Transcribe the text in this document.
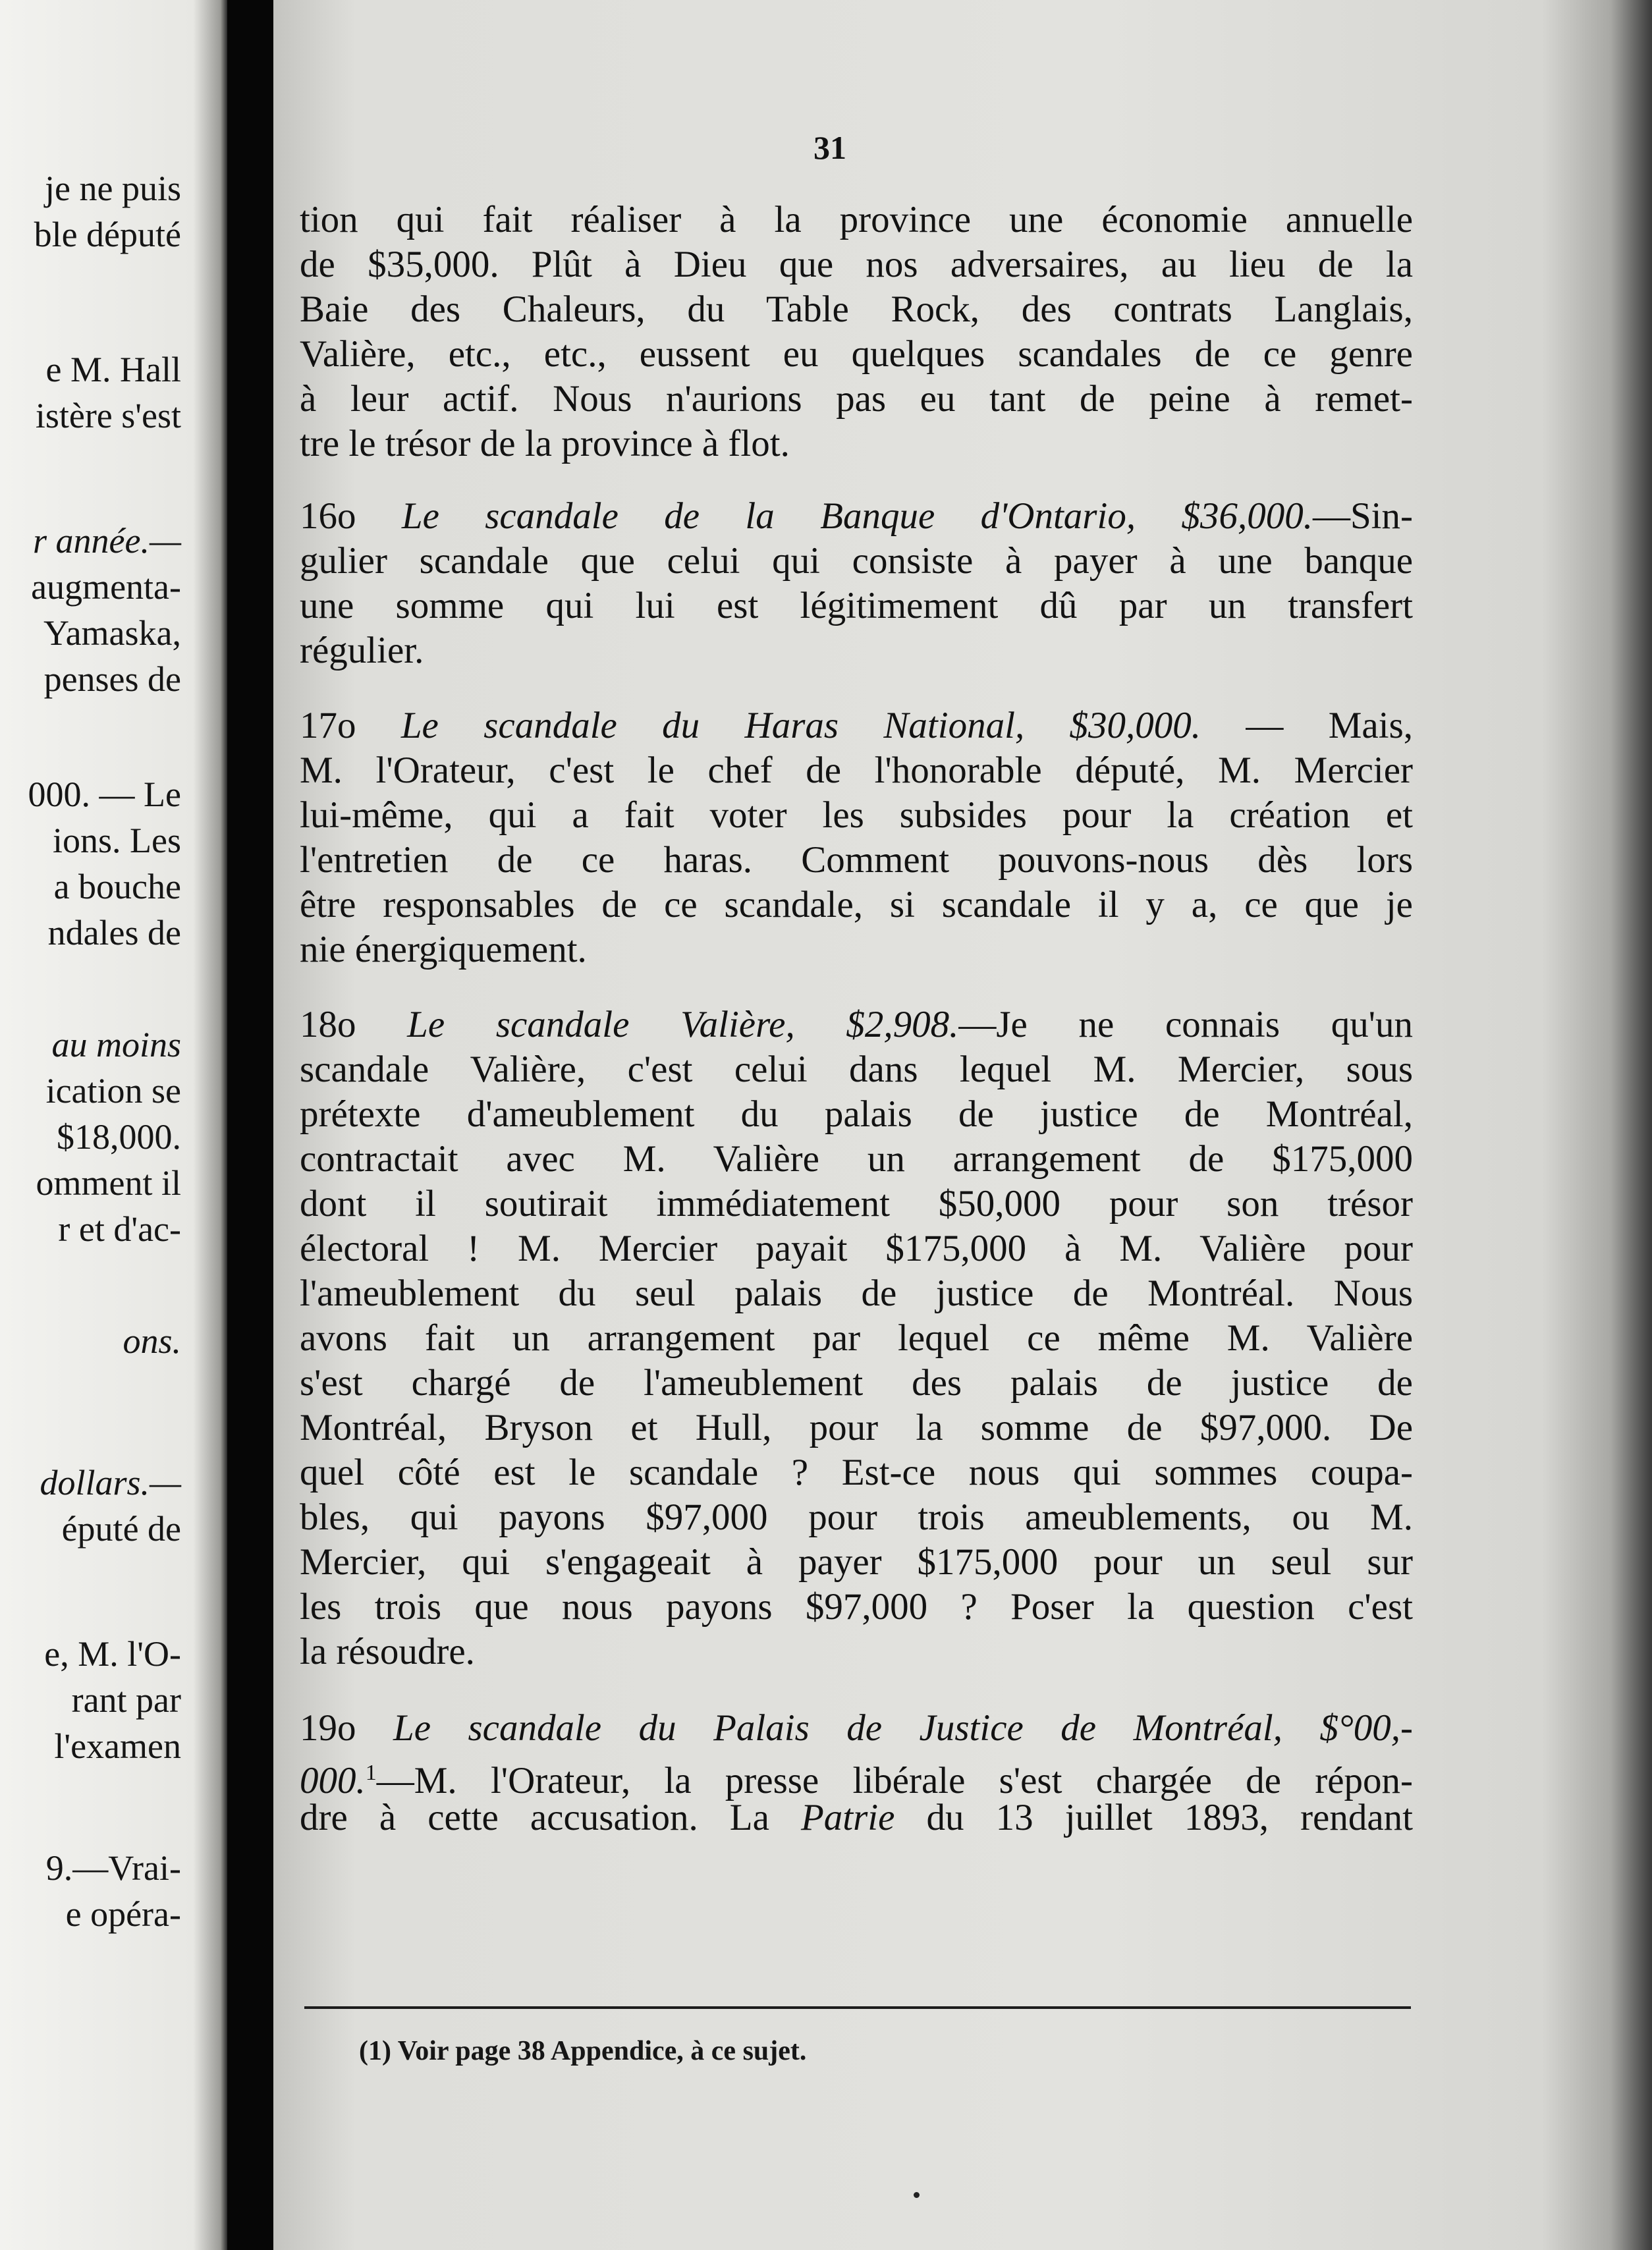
je ne puis
ble député
e M. Hall
istère s'est
r année.—
augmenta-
Yamaska,
penses de
000. — Le
ions. Les
a bouche
ndales de
au moins
ication se
$18,000.
omment il
r et d'ac-
ons.
dollars.—
éputé de
e, M. l'O-
rant par
l'examen
9.—Vrai-
e opéra-
31
tion qui fait réaliser à la province une économie annuelle
de $35,000. Plût à Dieu que nos adversaires, au lieu de la
Baie des Chaleurs, du Table Rock, des contrats Langlais,
Valière, etc., etc., eussent eu quelques scandales de ce genre
à leur actif. Nous n'aurions pas eu tant de peine à remet-
tre le trésor de la province à flot.
16o Le scandale de la Banque d'Ontario, $36,000.—Sin-
gulier scandale que celui qui consiste à payer à une banque
une somme qui lui est légitimement dû par un transfert
régulier.
17o Le scandale du Haras National, $30,000. — Mais,
M. l'Orateur, c'est le chef de l'honorable député, M. Mercier
lui-même, qui a fait voter les subsides pour la création et
l'entretien de ce haras. Comment pouvons-nous dès lors
être responsables de ce scandale, si scandale il y a, ce que je
nie énergiquement.
18o Le scandale Valière, $2,908.—Je ne connais qu'un
scandale Valière, c'est celui dans lequel M. Mercier, sous
prétexte d'ameublement du palais de justice de Montréal,
contractait avec M. Valière un arrangement de $175,000
dont il soutirait immédiatement $50,000 pour son trésor
électoral ! M. Mercier payait $175,000 à M. Valière pour
l'ameublement du seul palais de justice de Montréal. Nous
avons fait un arrangement par lequel ce même M. Valière
s'est chargé de l'ameublement des palais de justice de
Montréal, Bryson et Hull, pour la somme de $97,000. De
quel côté est le scandale ? Est-ce nous qui sommes coupa-
bles, qui payons $97,000 pour trois ameublements, ou M.
Mercier, qui s'engageait à payer $175,000 pour un seul sur
les trois que nous payons $97,000 ? Poser la question c'est
la résoudre.
19o Le scandale du Palais de Justice de Montréal, $°00,-
000.$^1$—M. l'Orateur, la presse libérale s'est chargée de répon-
dre à cette accusation. La Patrie du 13 juillet 1893, rendant
(1) Voir page 38 Appendice, à ce sujet.
